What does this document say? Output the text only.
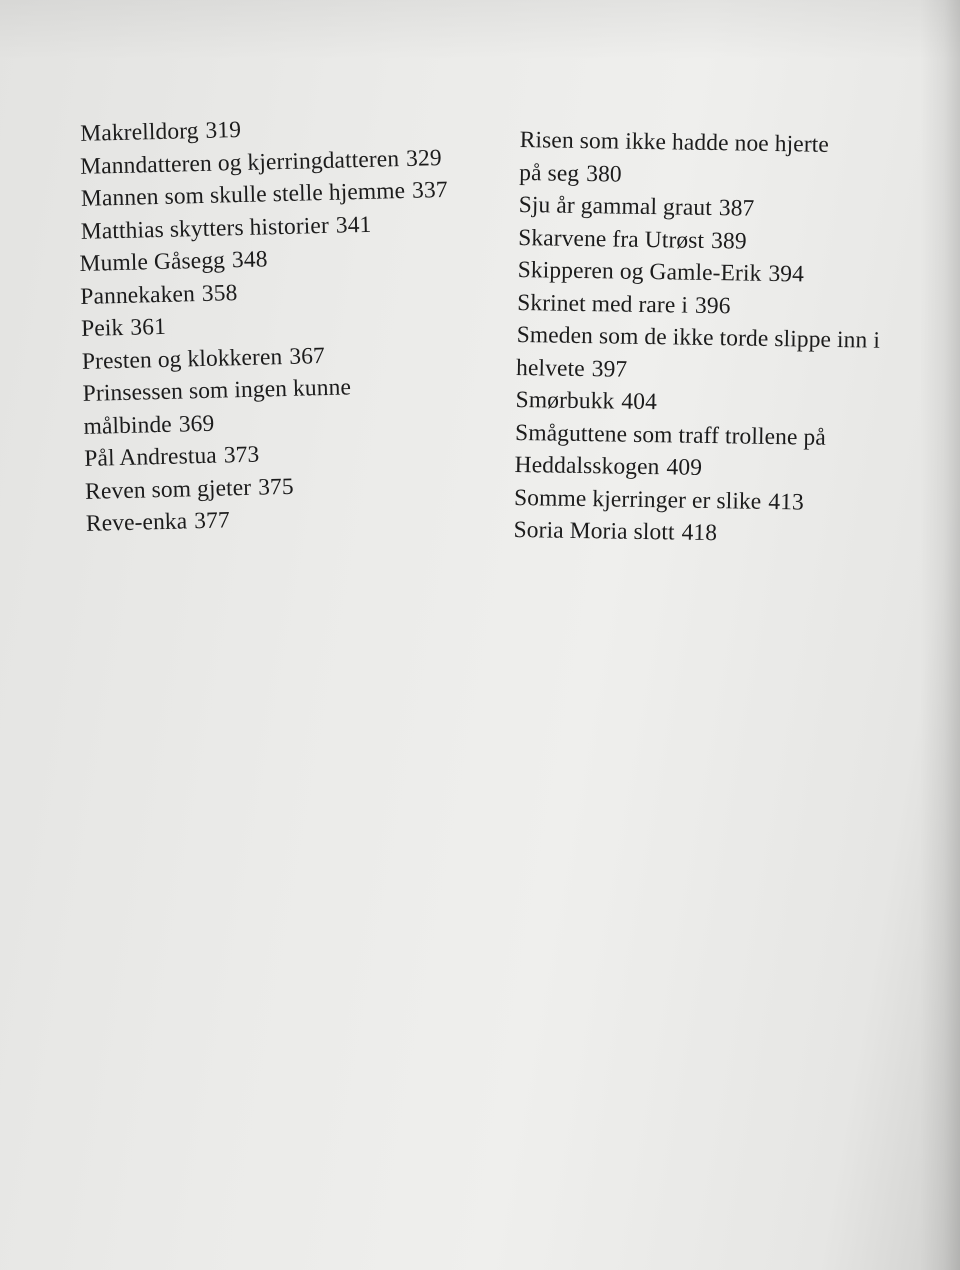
Makrelldorg 319
Manndatteren og kjerringdatteren 329
Mannen som skulle stelle hjemme 337
Matthias skytters historier 341
Mumle Gåsegg 348
Pannekaken 358
Peik 361
Presten og klokkeren 367
Prinsessen som ingen kunne
målbinde 369
Pål Andrestua 373
Reven som gjeter 375
Reve-enka 377
Risen som ikke hadde noe hjerte
på seg 380
Sju år gammal graut 387
Skarvene fra Utrøst 389
Skipperen og Gamle-Erik 394
Skrinet med rare i 396
Smeden som de ikke torde slippe inn i
helvete 397
Smørbukk 404
Småguttene som traff trollene på
Heddalsskogen 409
Somme kjerringer er slike 413
Soria Moria slott 418
